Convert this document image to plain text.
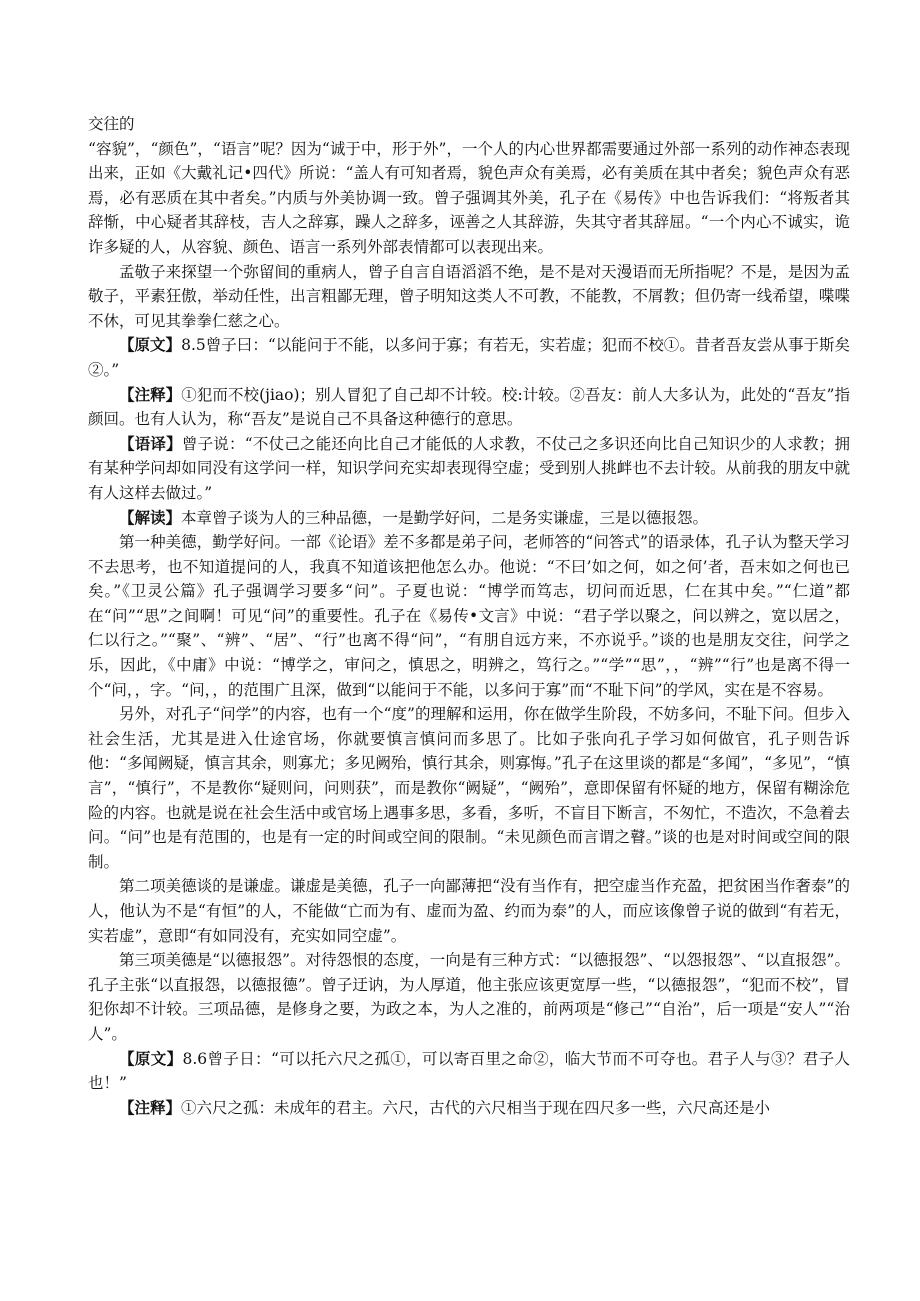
交往的

“容貌”，“颜色”，“语言”呢？因为“诚于中，形于外”，一个人的内心世界都需要通过外部一系列的动作神态表现出来，正如《大戴礼记•四代》所说：“盖人有可知者焉，貌色声众有美焉，必有美质在其中者矣；貌色声众有恶焉，必有恶质在其中者矣。”内质与外美协调一致。曾子强调其外美，孔子在《易传》中也告诉我们：“将叛者其辞惭，中心疑者其辞枝，吉人之辞寡，躁人之辞多，诬善之人其辞游，失其守者其辞屈。“一个内心不诚实，诡诈多疑的人，从容貌、颜色、语言一系列外部表情都可以表现出来。

孟敬子来探望一个弥留间的重病人，曾子自言自语滔滔不绝，是不是对天漫语而无所指呢？不是，是因为孟敬子，平素狂傲，举动任性，出言粗鄙无理，曾子明知这类人不可教，不能教，不屑教；但仍寄一线希望，喋喋不休，可见其拳拳仁慈之心。

【原文】8.5曾子曰：“以能问于不能，以多问于寡；有若无，实若虚；犯而不校①。昔者吾友尝从事于斯矣②。”

【注释】①犯而不校(jiao)；别人冒犯了自己却不计较。校:计较。②吾友：前人大多认为，此处的“吾友”指颜回。也有人认为，称“吾友”是说自己不具备这种德行的意思。

【语译】曾子说：“不仗己之能还向比自己才能低的人求教，不仗己之多识还向比自己知识少的人求教；拥有某种学问却如同没有这学问一样，知识学问充实却表现得空虚；受到别人挑衅也不去计较。从前我的朋友中就有人这样去做过。”

【解读】本章曾子谈为人的三种品德，一是勤学好问，二是务实谦虚，三是以德报怨。

第一种美德，勤学好问。一部《论语》差不多都是弟子问，老师答的“问答式”的语录体，孔子认为整天学习不去思考，也不知道提问的人，我真不知道该把他怎么办。他说：“不曰’如之何，如之何’者，吾末如之何也已矣。”《卫灵公篇》孔子强调学习要多“问”。子夏也说：“博学而笃志，切问而近思，仁在其中矣。”“仁道”都在“问”“思”之间啊！可见“问”的重要性。孔子在《易传•文言》中说：“君子学以聚之，问以辨之，宽以居之，仁以行之。”“聚”、“辨”、“居”、“行”也离不得“问”，“有朋自远方来，不亦说乎。”谈的也是朋友交往，问学之乐，因此，《中庸》中说：“博学之，审问之，慎思之，明辨之，笃行之。”“学”“思”，，“辨”“行”也是离不得一个“问，，字。“问，，的范围广且深，做到“以能问于不能，以多问于寡”而“不耻下问”的学风，实在是不容易。

另外，对孔子“问学”的内容，也有一个“度”的理解和运用，你在做学生阶段，不妨多问，不耻下问。但步入社会生活，尤其是进入仕途官场，你就要慎言慎问而多思了。比如子张向孔子学习如何做官，孔子则告诉他：“多闻阙疑，慎言其余，则寡尤；多见阙殆，慎行其余，则寡悔。”孔子在这里谈的都是“多闻”，“多见”，“慎言”，“慎行”，不是教你“疑则问，问则获”，而是教你“阙疑”，“阙殆”，意即保留有怀疑的地方，保留有糊涂危险的内容。也就是说在社会生活中或官场上遇事多思，多看，多听，不盲目下断言，不匆忙，不造次，不急着去问。“问”也是有范围的，也是有一定的时间或空间的限制。“未见颜色而言谓之瞽。”谈的也是对时间或空间的限制。

第二项美德谈的是谦虚。谦虚是美德，孔子一向鄙薄把“没有当作有，把空虚当作充盈，把贫困当作奢泰”的人，他认为不是“有恒”的人，不能做“亡而为有、虚而为盈、约而为泰”的人，而应该像曾子说的做到“有若无，实若虚”，意即“有如同没有，充实如同空虚”。

第三项美德是“以德报怨”。对待怨恨的态度，一向是有三种方式：“以德报怨”、“以怨报怨”、“以直报怨”。孔子主张“以直报怨，以德报德”。曾子迂讷，为人厚道，他主张应该更宽厚一些，“以德报怨”，“犯而不校”，冒犯你却不计较。三项品德，是修身之要，为政之本，为人之准的，前两项是“修己”“自治”，后一项是“安人”“治人”。

【原文】8.6曾子日：“可以托六尺之孤①，可以寄百里之命②，临大节而不可夺也。君子人与③？君子人也！”

【注释】①六尺之孤：未成年的君主。六尺，古代的六尺相当于现在四尺多一些，六尺高还是小
